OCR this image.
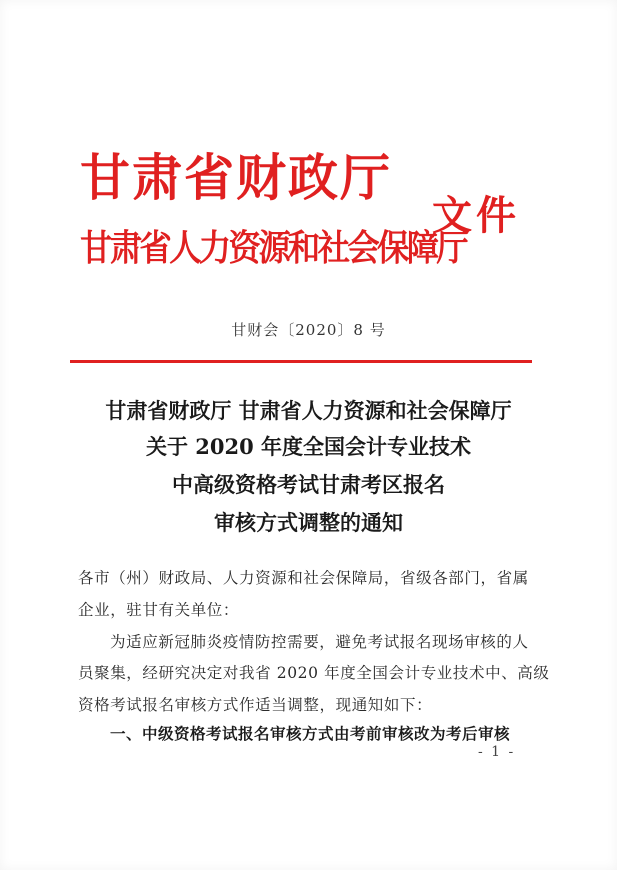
甘肃省财政厅
甘肃省人力资源和社会保障厅
文件
甘财会〔2020〕8 号
甘肃省财政厅 甘肃省人力资源和社会保障厅
关于 2020 年度全国会计专业技术
中高级资格考试甘肃考区报名
审核方式调整的通知
各市（州）财政局、人力资源和社会保障局，省级各部门，省属
企业，驻甘有关单位：
为适应新冠肺炎疫情防控需要，避免考试报名现场审核的人
员聚集，经研究决定对我省 2020 年度全国会计专业技术中、高级
资格考试报名审核方式作适当调整，现通知如下：
一、中级资格考试报名审核方式由考前审核改为考后审核
- 1 -
